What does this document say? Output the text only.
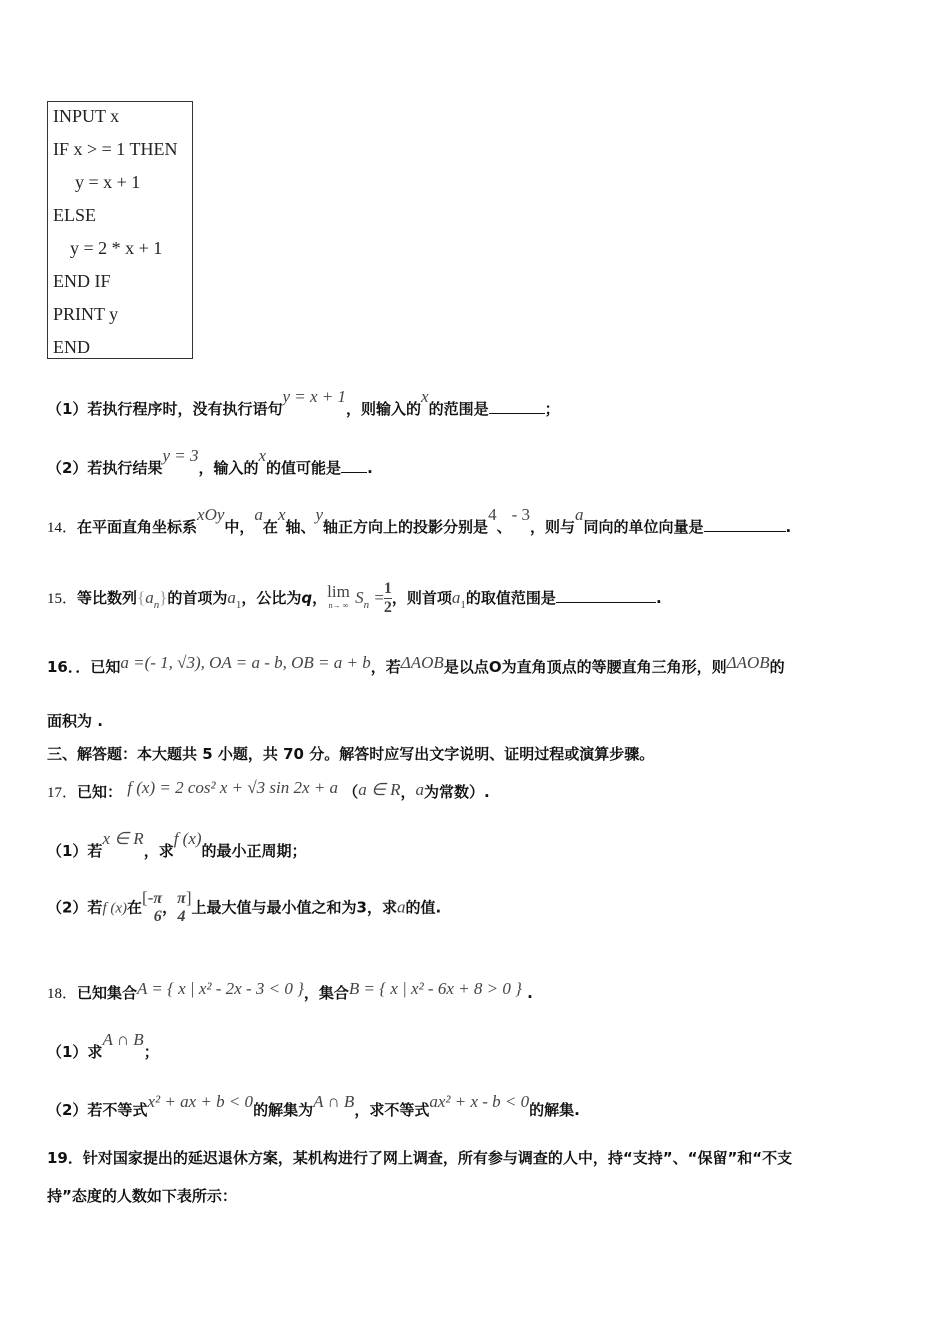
INPUT x
IF x > = 1 THEN
y = x + 1
ELSE
y = 2 * x + 1
END IF
PRINT y
END
（1）若执行程序时，没有执行语句y = x + 1，则输入的x的范围是	；
（2）若执行结果y = 3，输入的x的值可能是 .
14．在平面直角坐标系xOy中，a在x轴、y轴正方向上的投影分别是4、- 3，则与a同向的单位向量是	.
15．等比数列$\{a_n\}$的首项为$a_1$，公比为q， lim
n→ ∞ $S_n = \frac{1}{2}$ ，则首项$a_1$的取值范围是	.
16．．已知a =(- 1, √3), OA = a - b, OB = a + b，若ΔAOB是以点O为直角顶点的等腰直角三角形，则ΔAOB的
面积为 .
三、解答题：本大题共 5 小题，共 70 分。解答时应写出文字说明、证明过程或演算步骤。
17．已知： f (x) = 2 cos² x + √3 sin 2x + a （a ∈ R，a为常数）.
（1）若x ∈ R，求f (x)的最小正周期；
（2）若f (x)在[- π
6 ， π
4
]上最大值与最小值之和为3，求a的值.
18．已知集合A = { x | x² - 2x - 3 < 0 }，集合B = { x | x² - 6x + 8 > 0 } .
（1）求A ∩ B；
（2）若不等式x² + ax + b < 0的解集为A ∩ B，求不等式ax² + x - b < 0的解集.
19．针对国家提出的延迟退休方案，某机构进行了网上调查，所有参与调查的人中，持“支持”、“保留”和“不支
持”态度的人数如下表所示：
